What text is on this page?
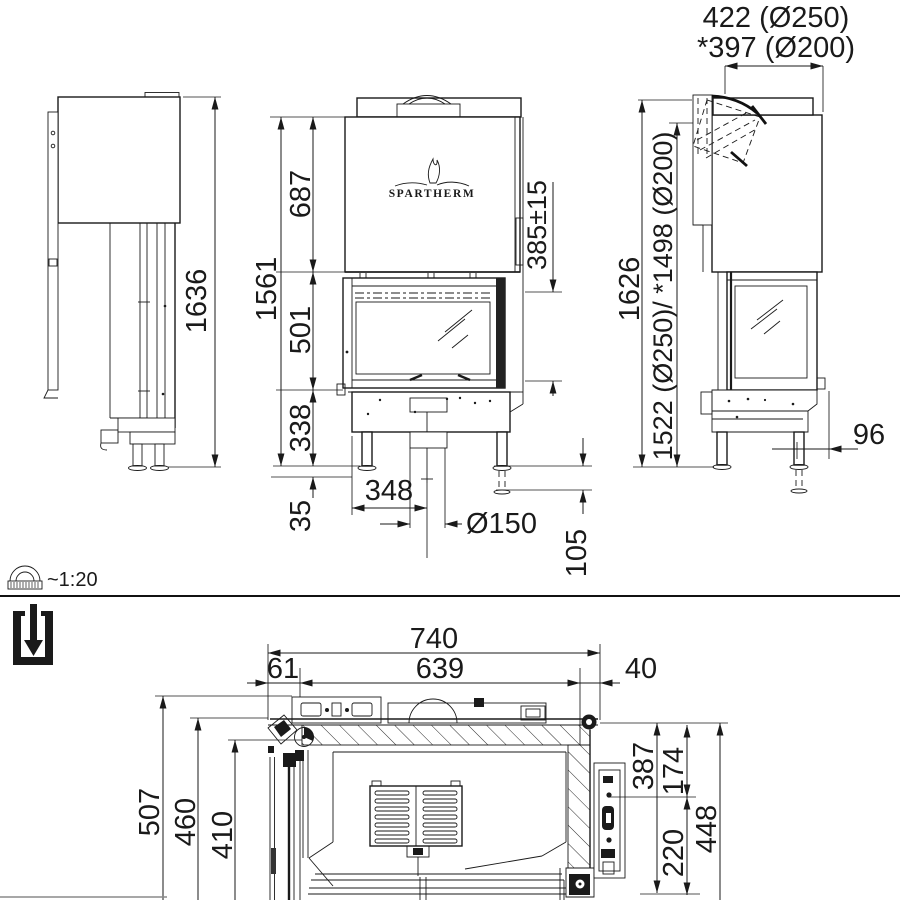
1636
SPARTHERM
1561
687
501
338
35
385±15
348
Ø150
105
422 (Ø250)
*397 (Ø200)
1626 1522 (Ø250)/ *1498 (Ø200)	96
~1:20
740
61	639	40
507 460 410
387
174
220 448
